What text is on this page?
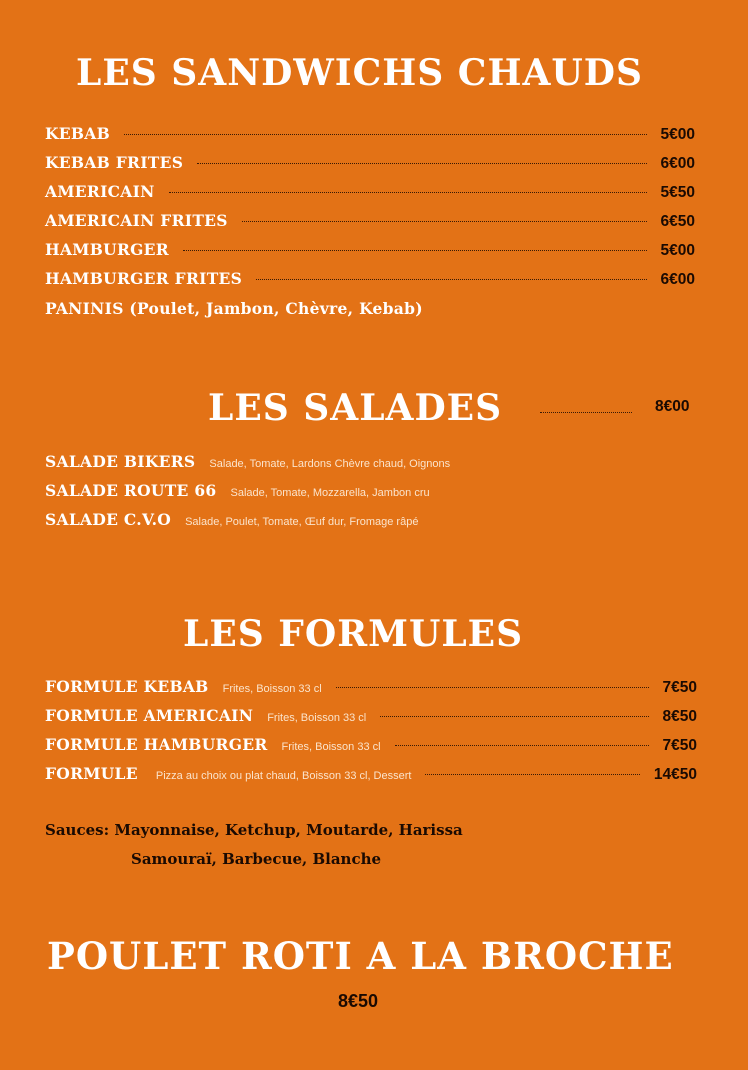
LES SANDWICHS CHAUDS
KEBAB	5€00
KEBAB FRITES	6€00
AMERICAIN	5€50
AMERICAIN FRITES	6€50
HAMBURGER	5€00
HAMBURGER FRITES	6€00
PANINIS (Poulet, Jambon, Chèvre, Kebab)
LES SALADES	8€00
SALADE BIKERS Salade, Tomate, Lardons Chèvre chaud, Oignons
SALADE ROUTE 66 Salade, Tomate, Mozzarella, Jambon cru
SALADE C.V.O Salade, Poulet, Tomate, Œuf dur, Fromage râpé
LES FORMULES
FORMULE KEBAB Frites, Boisson 33 cl	7€50
FORMULE AMERICAIN Frites, Boisson 33 cl	8€50
FORMULE HAMBURGER Frites, Boisson 33 cl	7€50
FORMULE Pizza au choix ou plat chaud, Boisson 33 cl, Dessert	14€50
Sauces: Mayonnaise, Ketchup, Moutarde, Harissa
Samouraï, Barbecue, Blanche
POULET ROTI A LA BROCHE
8€50
